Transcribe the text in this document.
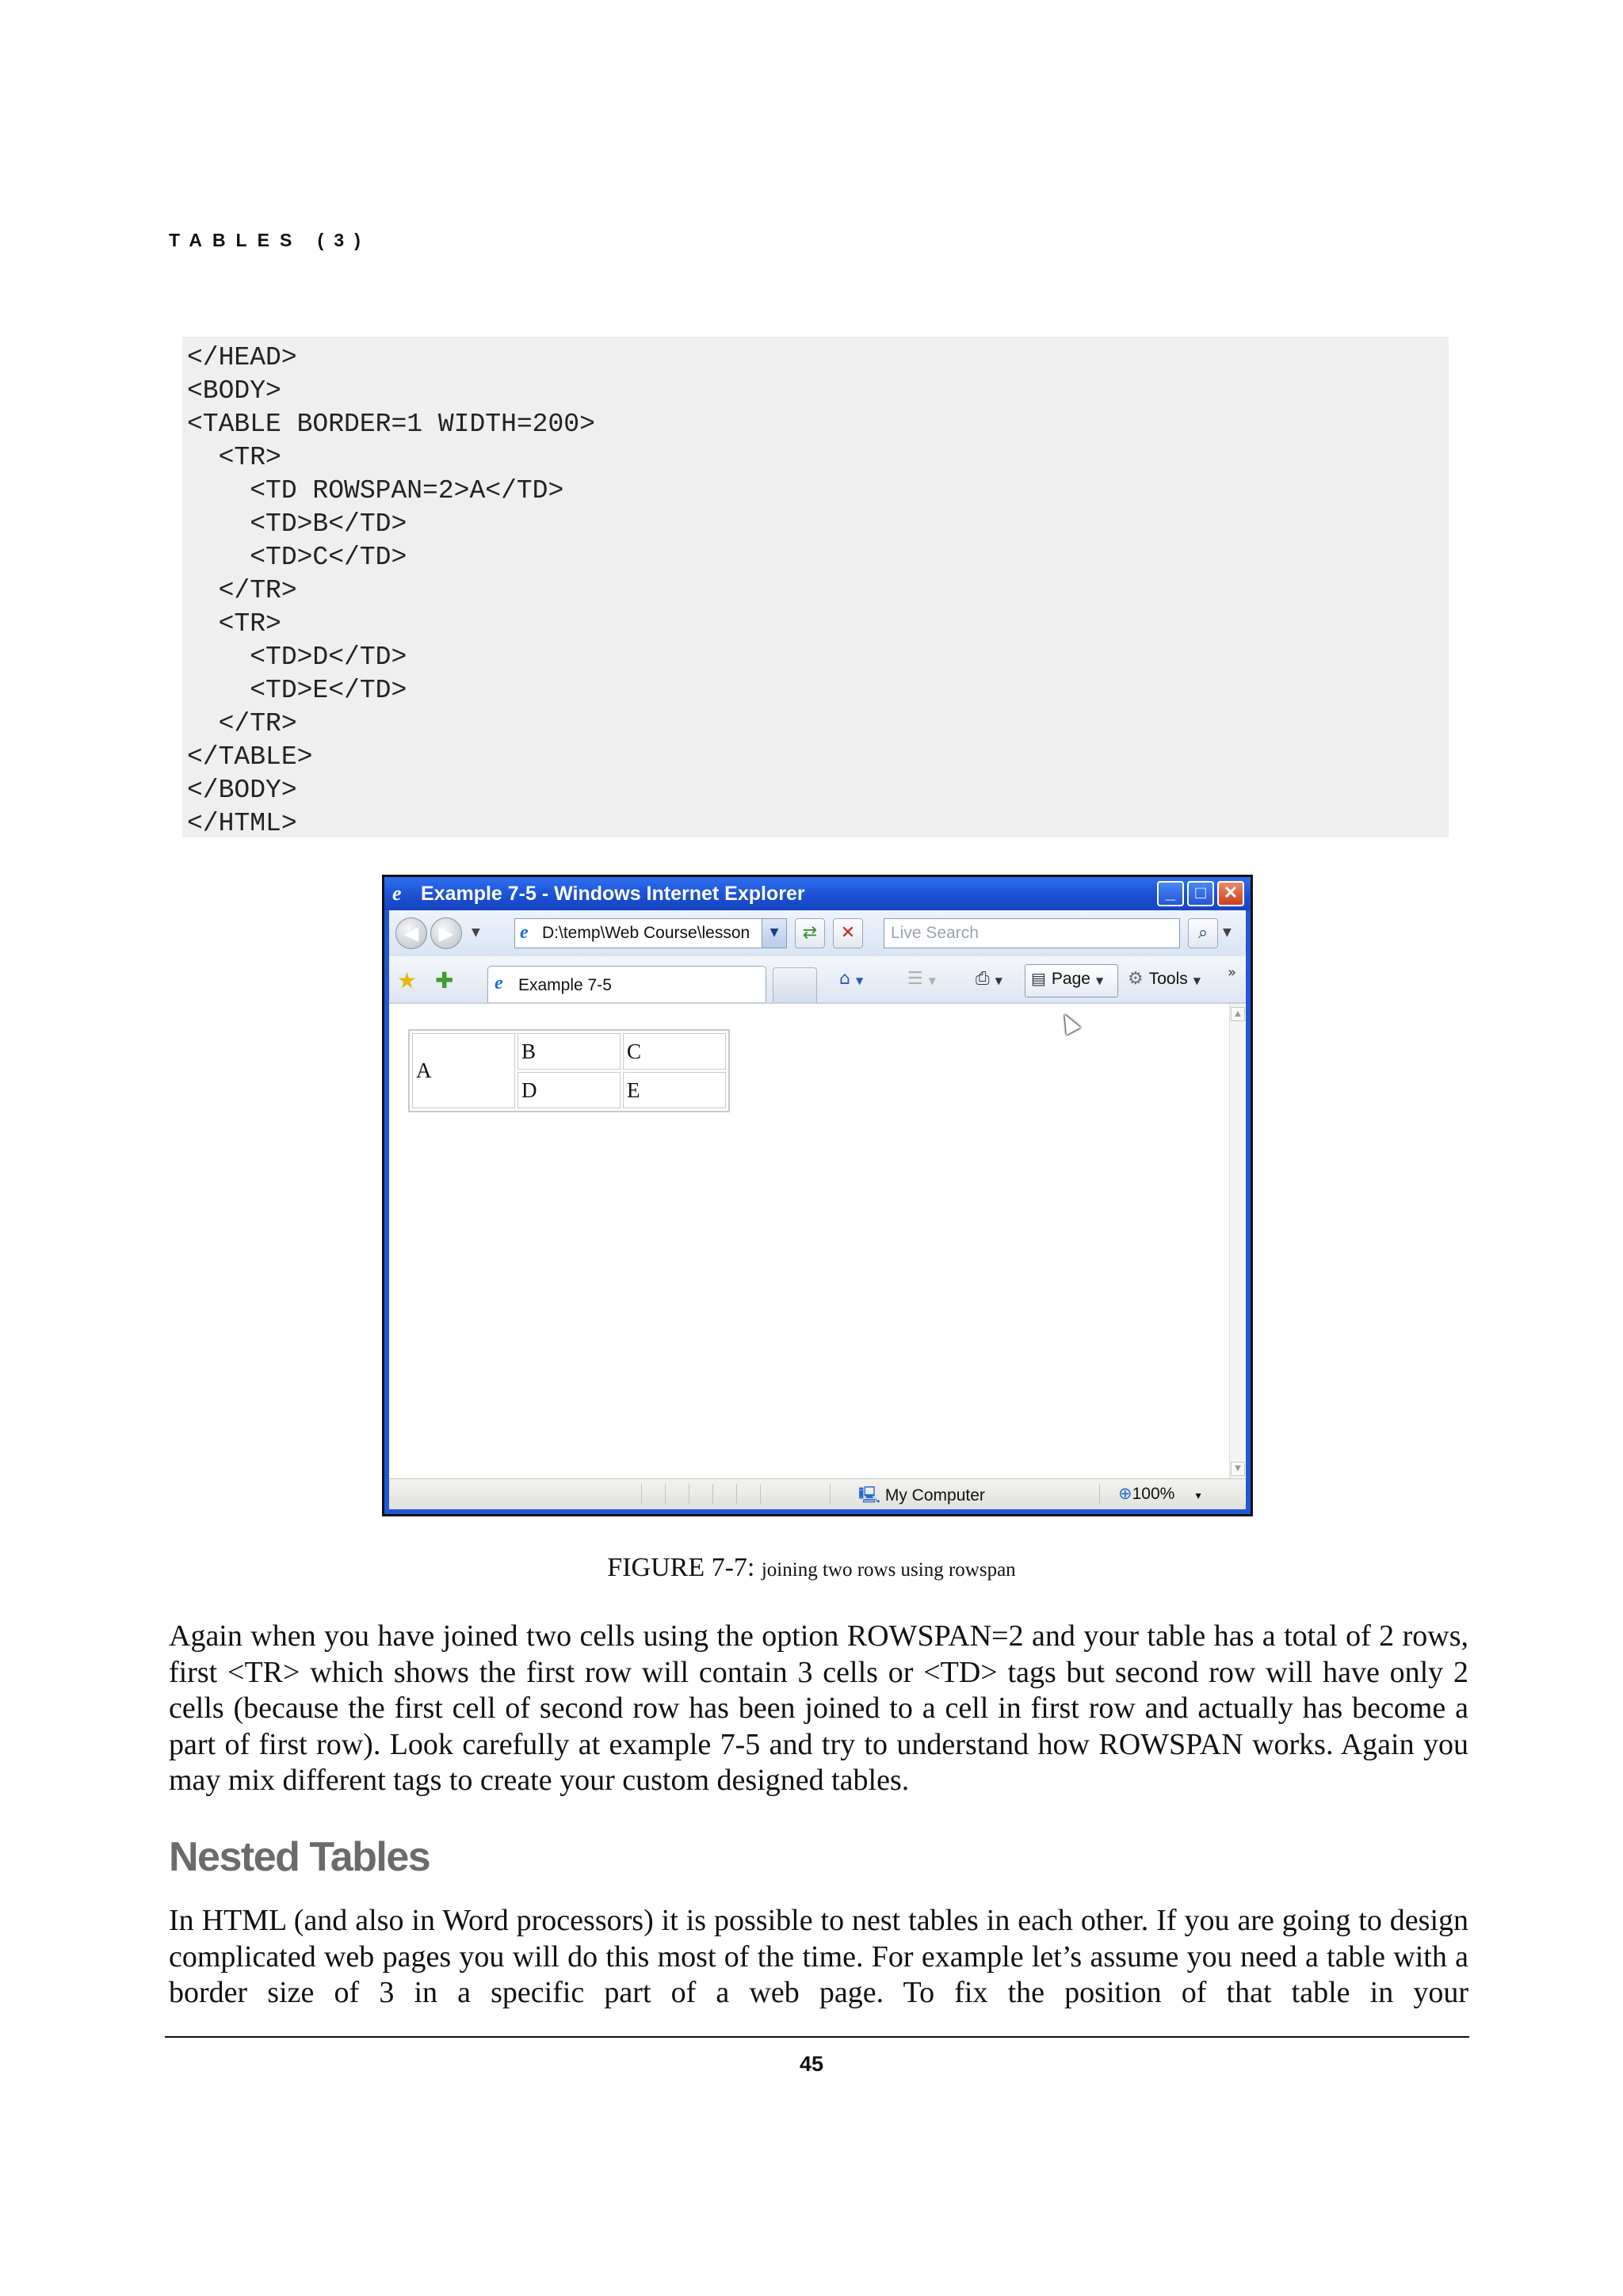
TABLES (3)
</HEAD>
<BODY>
<TABLE BORDER=1 WIDTH=200>
<TR>
<TD ROWSPAN=2>A</TD>
<TD>B</TD>
<TD>C</TD>
</TR>
<TR>
<TD>D</TD>
<TD>E</TD>
</TR>
</TABLE>
</BODY>
</HTML>
e Example 7-5 - Windows Internet Explorer	_	□	✕
◀	▶	▼ e D:\temp\Web Course\lesson	▼	⇄	✕	Live Search	⌕	▼
★ ✚ e Example 7-5	⌂ ▼	☰ ▼ ⎙ ▼ ▤ Page ▼ ⚙ Tools ▼ »
A	B	C
	D	E
▲
▼
🖳 My Computer	⊕100% ▼
FIGURE 7-7: joining two rows using rowspan
Again when you have joined two cells using the option ROWSPAN=2 and your table has a total of 2 rows, first <TR> which shows the first row will contain 3 cells or <TD> tags but second row will have only 2 cells (because the first cell of second row has been joined to a cell in first row and actually has become a part of first row). Look carefully at example 7-5 and try to understand how ROWSPAN works. Again you may mix different tags to create your custom designed tables.
Nested Tables
In HTML (and also in Word processors) it is possible to nest tables in each other. If you are going to design complicated web pages you will do this most of the time. For example let’s assume you need a table with a border size of 3 in a specific part of a web page. To fix the position of that table in your
45
